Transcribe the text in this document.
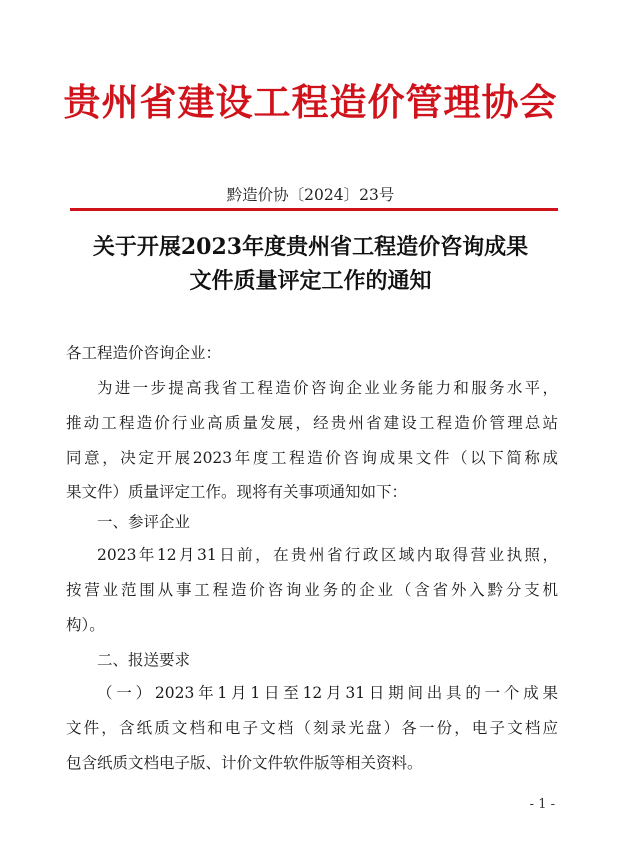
贵州省建设工程造价管理协会
黔造价协〔2024〕23号
关于开展2023年度贵州省工程造价咨询成果
文件质量评定工作的通知
各工程造价咨询企业：
为进一步提高我省工程造价咨询企业业务能力和服务水平，
推动工程造价行业高质量发展，经贵州省建设工程造价管理总站
同意，决定开展2023年度工程造价咨询成果文件（以下简称成
果文件）质量评定工作。现将有关事项通知如下：
一、参评企业
2023年12月31日前，在贵州省行政区域内取得营业执照，
按营业范围从事工程造价咨询业务的企业（含省外入黔分支机
构）。
二、报送要求
（一）2023年1月1日至12月31日期间出具的一个成果
文件，含纸质文档和电子文档（刻录光盘）各一份，电子文档应
包含纸质文档电子版、计价文件软件版等相关资料。
- 1 -
